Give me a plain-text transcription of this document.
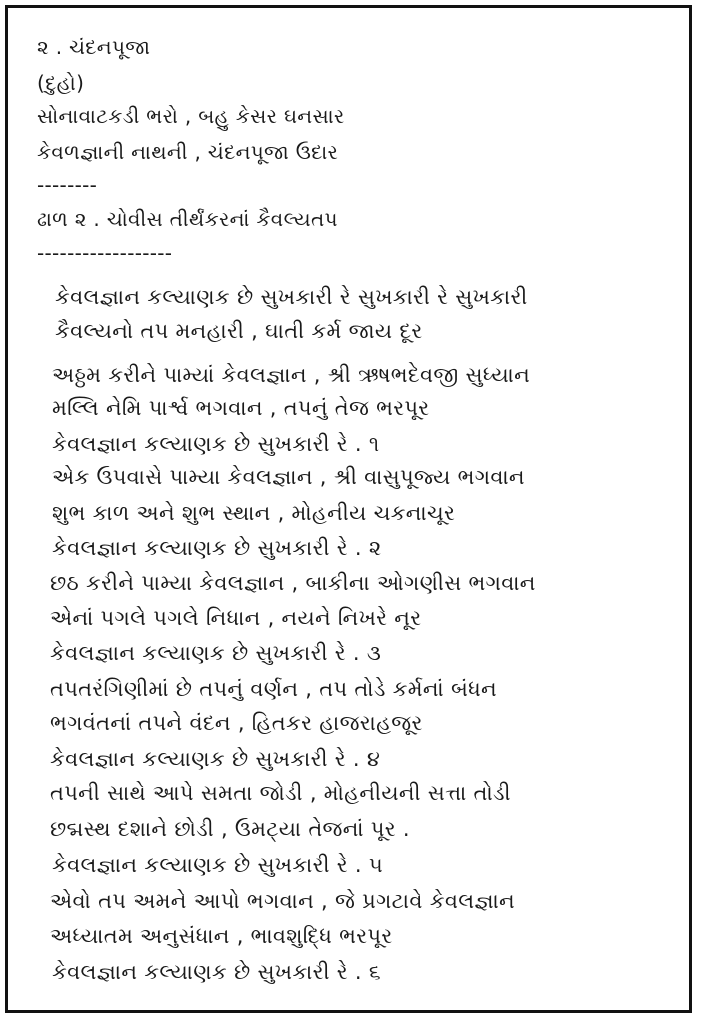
૨ . ચંદનપૂજા
(દુહો)
સોનાવાટકડી ભરો , બહુ કેસર ઘનસાર
કેવળજ્ઞાની નાથની , ચંદનપૂજા ઉદાર
--------
ઢાળ ૨ . ચોવીસ તીર્થંકરનાં કૈવલ્યતપ
------------------
કેવલજ્ઞાન કલ્યાણક છે સુખકારી રે સુખકારી રે સુખકારી
કૈવલ્યનો તપ મનહારી , ઘાતી કર્મ જાય દૂર
અઠ્ઠમ કરીને પામ્યાં કેવલજ્ઞાન , શ્રી ઋષભદેવજી સુધ્યાન
મલ્લિ નેમિ પાર્શ્વ ભગવાન , તપનું તેજ ભરપૂર
કેવલજ્ઞાન કલ્યાણક છે સુખકારી રે . ૧
એક ઉપવાસે પામ્યા કેવલજ્ઞાન , શ્રી વાસુપૂજ્ય ભગવાન
શુભ કાળ અને શુભ સ્થાન , મોહનીય ચકનાચૂર
કેવલજ્ઞાન કલ્યાણક છે સુખકારી રે . ૨
છઠ કરીને પામ્યા કેવલજ્ઞાન , બાકીના ઓગણીસ ભગવાન
એનાં પગલે પગલે નિધાન , નયને નિખરે નૂર
કેવલજ્ઞાન કલ્યાણક છે સુખકારી રે . ૩
તપતરંગિણીમાં છે તપનું વર્ણન , તપ તોડે કર્મનાં બંધન
ભગવંતનાં તપને વંદન , હિતકર હાજરાહજૂર
કેવલજ્ઞાન કલ્યાણક છે સુખકારી રે . ૪
તપની સાથે આપે સમતા જોડી , મોહનીયની સત્તા તોડી
છદ્મસ્થ દશાને છોડી , ઉમટ્યા તેજનાં પૂર .
કેવલજ્ઞાન કલ્યાણક છે સુખકારી રે . ૫
એવો તપ અમને આપો ભગવાન , જે પ્રગટાવે કેવલજ્ઞાન
અધ્યાતમ અનુસંધાન , ભાવશુદ્ધિ ભરપૂર
કેવલજ્ઞાન કલ્યાણક છે સુખકારી રે . ૬
